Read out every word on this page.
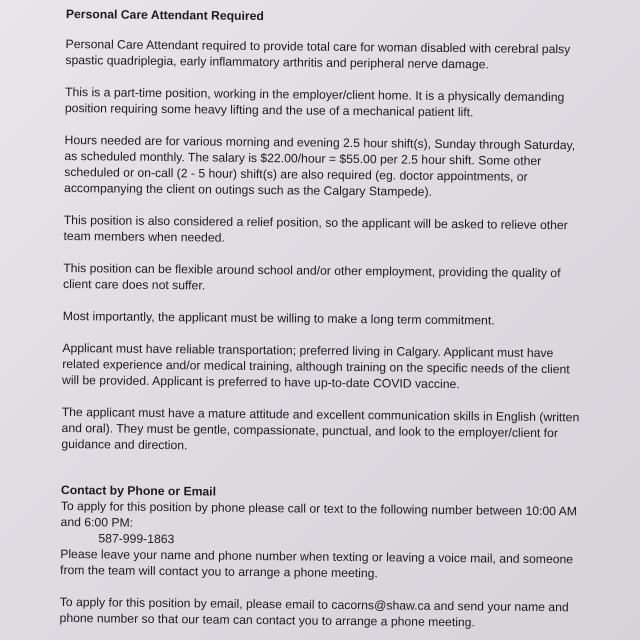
Personal Care Attendant Required

Personal Care Attendant required to provide total care for woman disabled with cerebral palsy spastic quadriplegia, early inflammatory arthritis and peripheral nerve damage.

This is a part-time position, working in the employer/client home. It is a physically demanding position requiring some heavy lifting and the use of a mechanical patient lift.

Hours needed are for various morning and evening 2.5 hour shift(s), Sunday through Saturday, as scheduled monthly. The salary is $22.00/hour = $55.00 per 2.5 hour shift. Some other scheduled or on-call (2 - 5 hour) shift(s) are also required (eg. doctor appointments, or accompanying the client on outings such as the Calgary Stampede).

This position is also considered a relief position, so the applicant will be asked to relieve other team members when needed.

This position can be flexible around school and/or other employment, providing the quality of client care does not suffer.

Most importantly, the applicant must be willing to make a long term commitment.

Applicant must have reliable transportation; preferred living in Calgary. Applicant must have related experience and/or medical training, although training on the specific needs of the client will be provided. Applicant is preferred to have up-to-date COVID vaccine.

The applicant must have a mature attitude and excellent communication skills in English (written and oral). They must be gentle, compassionate, punctual, and look to the employer/client for guidance and direction.

Contact by Phone or Email

To apply for this position by phone please call or text to the following number between 10:00 AM and 6:00 PM:

587-999-1863

Please leave your name and phone number when texting or leaving a voice mail, and someone from the team will contact you to arrange a phone meeting.

To apply for this position by email, please email to cacorns@shaw.ca and send your name and phone number so that our team can contact you to arrange a phone meeting.
